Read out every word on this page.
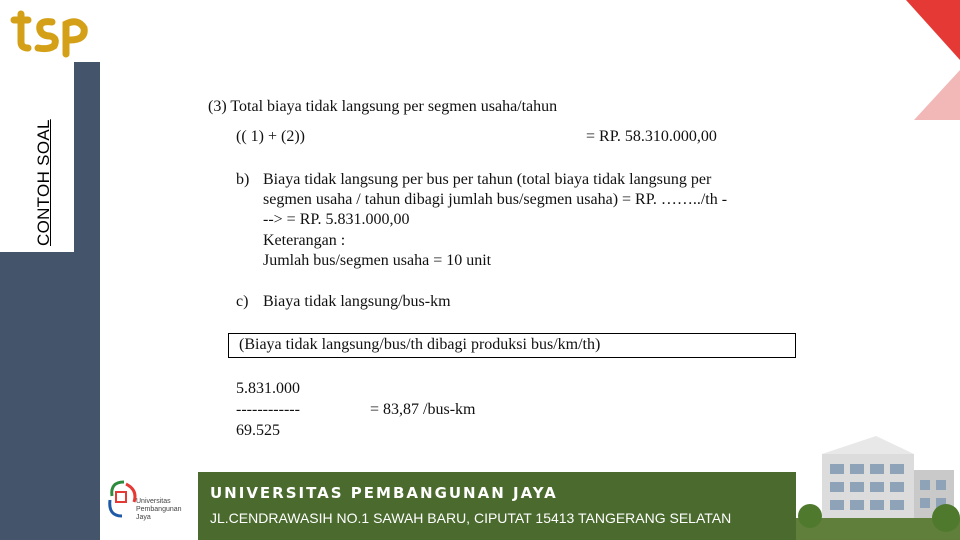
CONTOH SOAL
(3) Total biaya tidak langsung per segmen usaha/tahun
(( 1) + (2))	= RP. 58.310.000,00
b) Biaya tidak langsung per bus per tahun (total biaya tidak langsung per
segmen usaha / tahun dibagi jumlah bus/segmen usaha) = RP. ……../th -
--> = RP. 5.831.000,00
Keterangan :
Jumlah bus/segmen usaha = 10 unit
c) Biaya tidak langsung/bus-km
(Biaya tidak langsung/bus/th dibagi produksi bus/km/th)
5.831.000
------------	= 83,87 /bus-km
69.525
Universitas
Pembangunan
Jaya
UNIVERSITAS PEMBANGUNAN JAYA
JL.CENDRAWASIH NO.1 SAWAH BARU, CIPUTAT 15413 TANGERANG SELATAN
